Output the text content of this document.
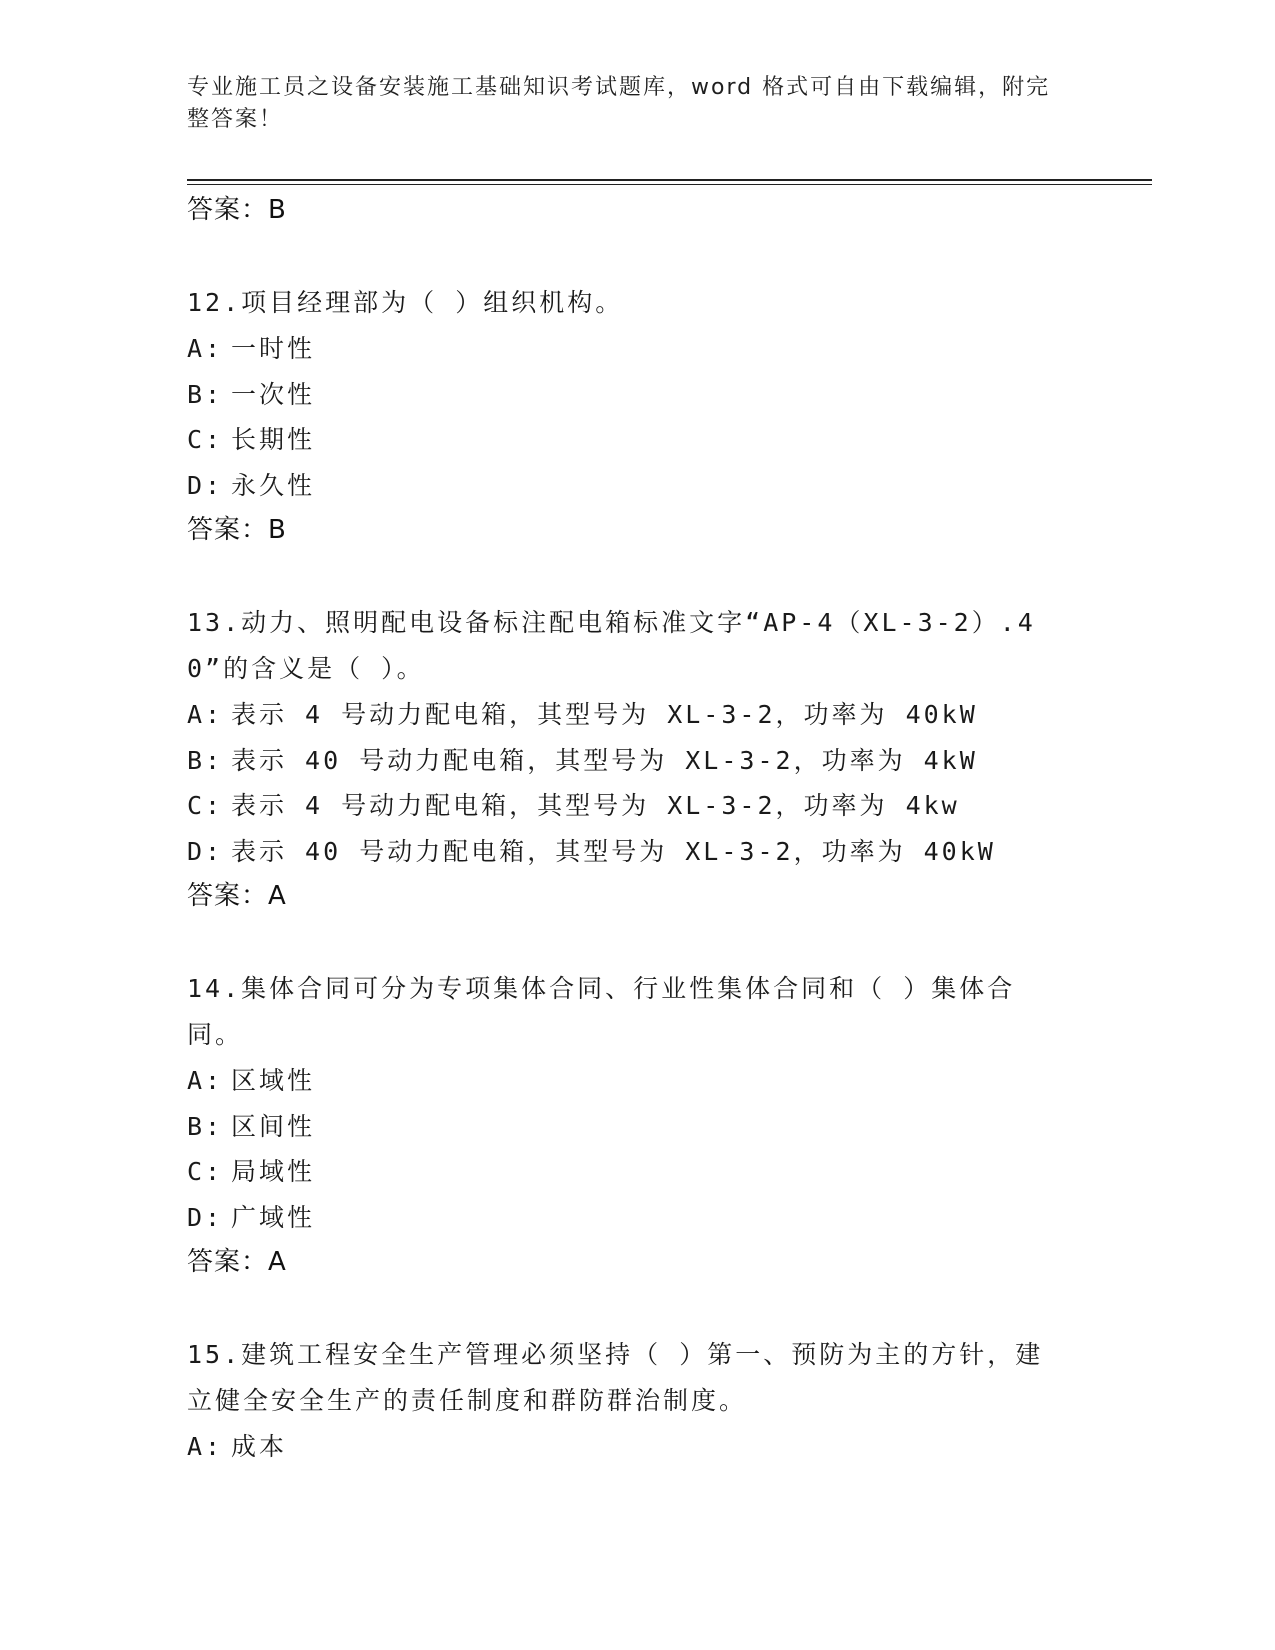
专业施工员之设备安装施工基础知识考试题库，word 格式可自由下载编辑，附完整答案！
答案：B
12.项目经理部为（ ）组织机构。
A: 一时性
B: 一次性
C: 长期性
D: 永久性
答案：B
13.动力、照明配电设备标注配电箱标准文字“AP-4（XL-3-2）.40”的含义是（ ）。
A: 表示 4 号动力配电箱，其型号为 XL-3-2，功率为 40kW
B: 表示 40 号动力配电箱，其型号为 XL-3-2，功率为 4kW
C: 表示 4 号动力配电箱，其型号为 XL-3-2，功率为 4kw
D: 表示 40 号动力配电箱，其型号为 XL-3-2，功率为 40kW
答案：A
14.集体合同可分为专项集体合同、行业性集体合同和（ ）集体合同。
A: 区域性
B: 区间性
C: 局域性
D: 广域性
答案：A
15.建筑工程安全生产管理必须坚持（ ）第一、预防为主的方针，建立健全安全生产的责任制度和群防群治制度。
A: 成本
